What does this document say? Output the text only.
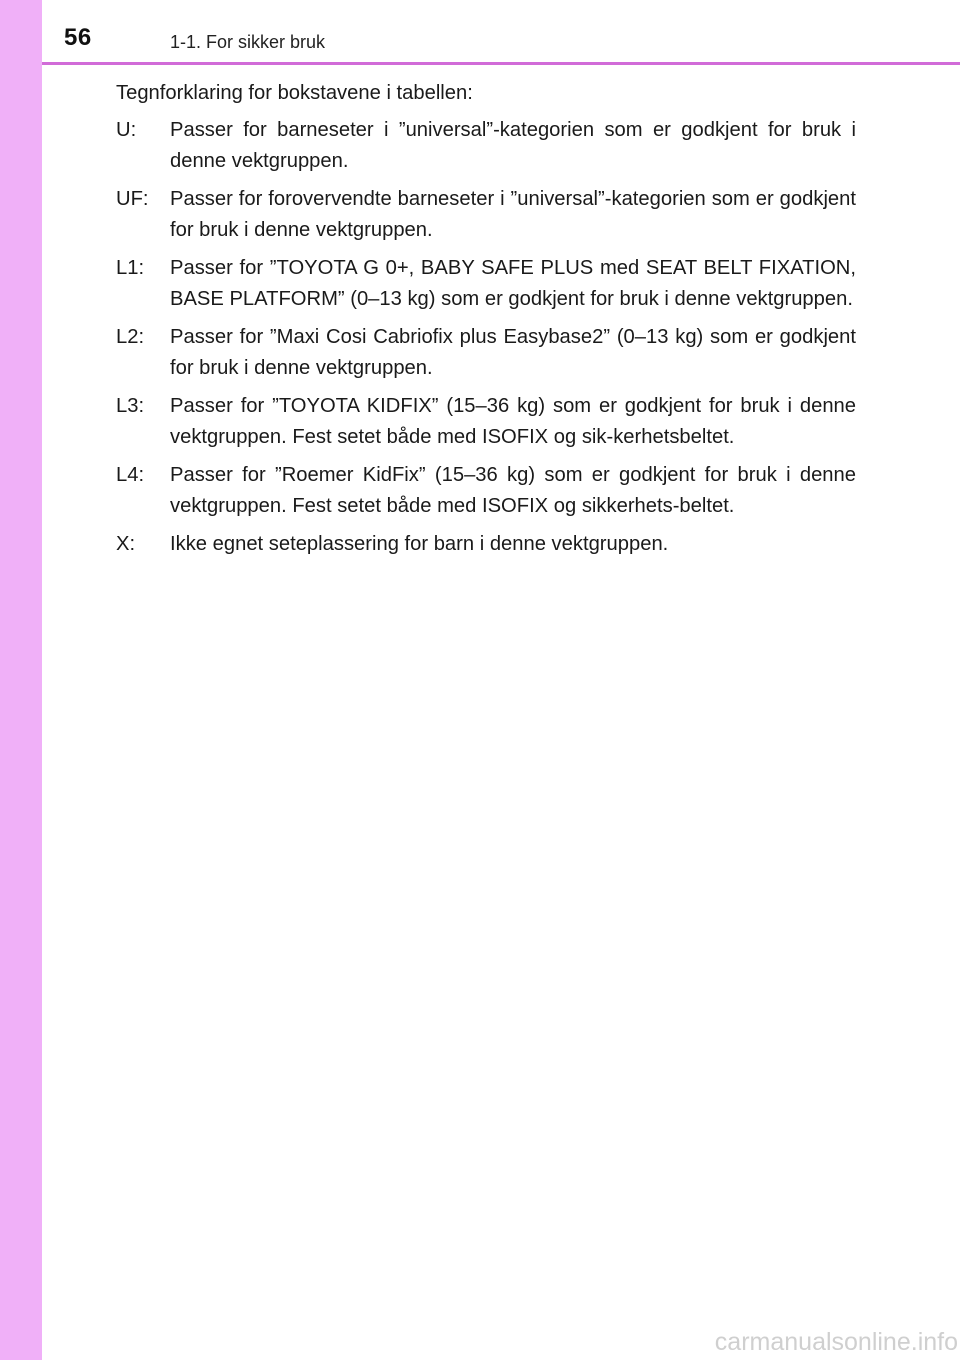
56	1-1. For sikker bruk

Tegnforklaring for bokstavene i tabellen:

U:	Passer for barneseter i ”universal”-kategorien som er godkjent for bruk i denne vektgruppen.
UF:	Passer for forovervendte barneseter i ”universal”-kategorien som er godkjent for bruk i denne vektgruppen.
L1:	Passer for ”TOYOTA G 0+, BABY SAFE PLUS med SEAT BELT FIXATION, BASE PLATFORM” (0–13 kg) som er godkjent for bruk i denne vektgruppen.
L2:	Passer for ”Maxi Cosi Cabriofix plus Easybase2” (0–13 kg) som er godkjent for bruk i denne vektgruppen.
L3:	Passer for ”TOYOTA KIDFIX” (15–36 kg) som er godkjent for bruk i denne vektgruppen. Fest setet både med ISOFIX og sik-kerhetsbeltet.
L4:	Passer for ”Roemer KidFix” (15–36 kg) som er godkjent for bruk i denne vektgruppen. Fest setet både med ISOFIX og sikkerhets-beltet.
X:	Ikke egnet seteplassering for barn i denne vektgruppen.
carmanualsonline.info
